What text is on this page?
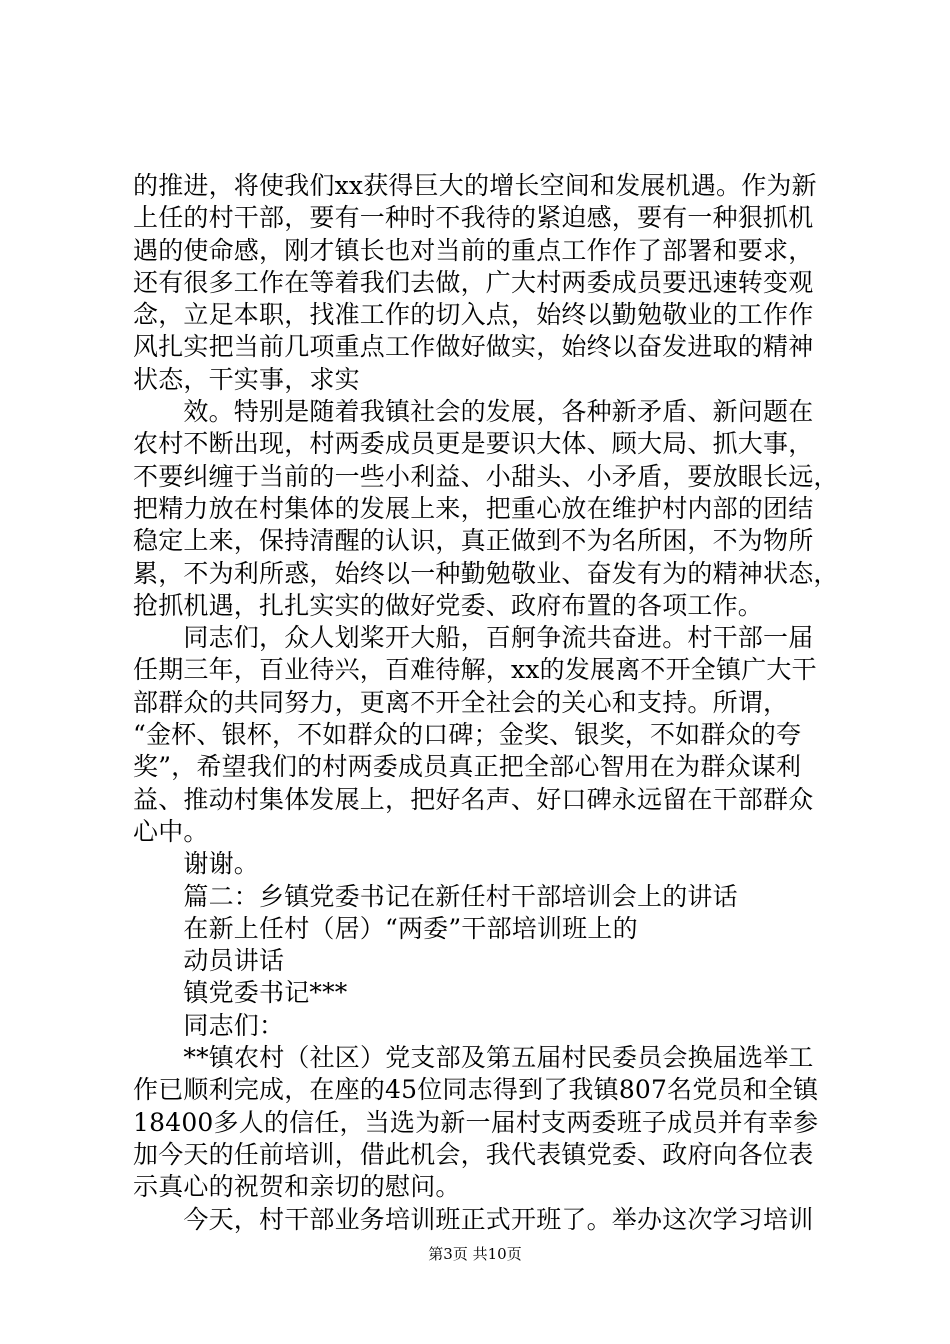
的推进，将使我们xx获得巨大的增长空间和发展机遇。作为新
上任的村干部，要有一种时不我待的紧迫感，要有一种狠抓机
遇的使命感，刚才镇长也对当前的重点工作作了部署和要求，
还有很多工作在等着我们去做，广大村两委成员要迅速转变观
念，立足本职，找准工作的切入点，始终以勤勉敬业的工作作
风扎实把当前几项重点工作做好做实，始终以奋发进取的精神
状态，干实事，求实
　　效。特别是随着我镇社会的发展，各种新矛盾、新问题在
农村不断出现，村两委成员更是要识大体、顾大局、抓大事，
不要纠缠于当前的一些小利益、小甜头、小矛盾，要放眼长远，
把精力放在村集体的发展上来，把重心放在维护村内部的团结
稳定上来，保持清醒的认识，真正做到不为名所困，不为物所
累，不为利所惑，始终以一种勤勉敬业、奋发有为的精神状态，
抢抓机遇，扎扎实实的做好党委、政府布置的各项工作。
　　同志们，众人划桨开大船，百舸争流共奋进。村干部一届
任期三年，百业待兴，百难待解，xx的发展离不开全镇广大干
部群众的共同努力，更离不开全社会的关心和支持。所谓，
“金杯、银杯，不如群众的口碑；金奖、银奖，不如群众的夸
奖”，希望我们的村两委成员真正把全部心智用在为群众谋利
益、推动村集体发展上，把好名声、好口碑永远留在干部群众
心中。
　　谢谢。
　　篇二：乡镇党委书记在新任村干部培训会上的讲话
　　在新上任村（居）“两委”干部培训班上的
　　动员讲话
　　镇党委书记***
　　同志们：
　　**镇农村（社区）党支部及第五届村民委员会换届选举工
作已顺利完成，在座的45位同志得到了我镇807名党员和全镇
18400多人的信任，当选为新一届村支两委班子成员并有幸参
加今天的任前培训，借此机会，我代表镇党委、政府向各位表
示真心的祝贺和亲切的慰问。
　　今天，村干部业务培训班正式开班了。举办这次学习培训
第3页 共10页
